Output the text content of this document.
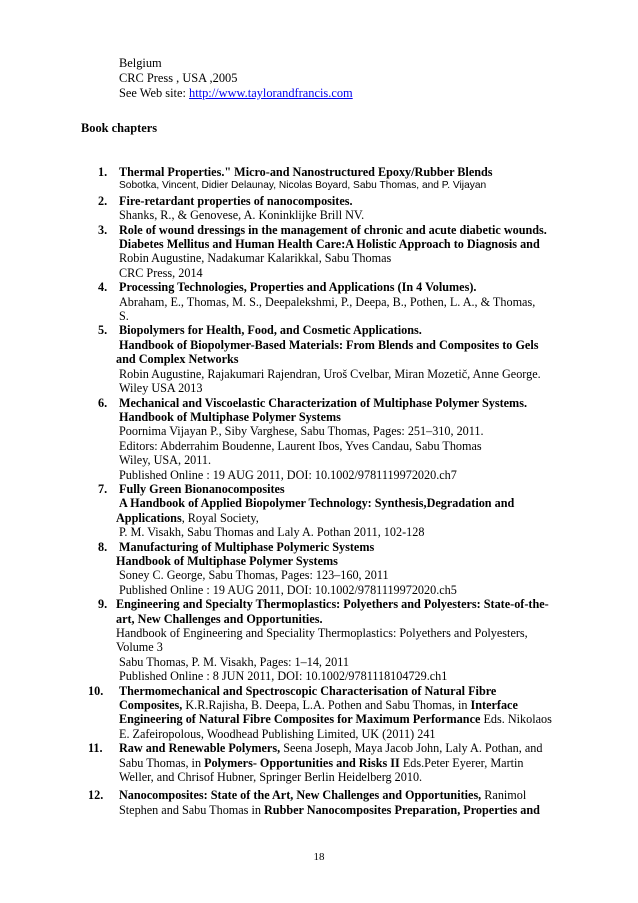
Belgium
CRC Press , USA ,2005
See Web site: http://www.taylorandfrancis.com
Book chapters
1. Thermal Properties." Micro-and Nanostructured Epoxy/Rubber Blends
Sobotka, Vincent, Didier Delaunay, Nicolas Boyard, Sabu Thomas, and P. Vijayan
2. Fire-retardant properties of nanocomposites.
Shanks, R., & Genovese, A. Koninklijke Brill NV.
3. Role of wound dressings in the management of chronic and acute diabetic wounds.
Diabetes Mellitus and Human Health Care:A Holistic Approach to Diagnosis and
Robin Augustine, Nadakumar Kalarikkal, Sabu Thomas
CRC Press, 2014
4. Processing Technologies, Properties and Applications (In 4 Volumes).
Abraham, E., Thomas, M. S., Deepalekshmi, P., Deepa, B., Pothen, L. A., & Thomas,
S.
5. Biopolymers for Health, Food, and Cosmetic Applications.
Handbook of Biopolymer-Based Materials: From Blends and Composites to Gels
and Complex Networks
Robin Augustine, Rajakumari Rajendran, Uroš Cvelbar, Miran Mozetič, Anne George.
Wiley USA 2013
6. Mechanical and Viscoelastic Characterization of Multiphase Polymer Systems.
Handbook of Multiphase Polymer Systems
Poornima Vijayan P., Siby Varghese, Sabu Thomas, Pages: 251–310, 2011.
Editors: Abderrahim Boudenne, Laurent Ibos, Yves Candau, Sabu Thomas
Wiley, USA, 2011.
Published Online : 19 AUG 2011, DOI: 10.1002/9781119972020.ch7
7. Fully Green Bionanocomposites
A Handbook of Applied Biopolymer Technology: Synthesis,Degradation and
Applications, Royal Society,
P. M. Visakh, Sabu Thomas and Laly A. Pothan 2011, 102-128
8. Manufacturing of Multiphase Polymeric Systems
Handbook of Multiphase Polymer Systems
Soney C. George, Sabu Thomas, Pages: 123–160, 2011
Published Online : 19 AUG 2011, DOI: 10.1002/9781119972020.ch5
9. Engineering and Specialty Thermoplastics: Polyethers and Polyesters: State-of-the-
art, New Challenges and Opportunities.
Handbook of Engineering and Speciality Thermoplastics: Polyethers and Polyesters,
Volume 3
Sabu Thomas, P. M. Visakh, Pages: 1–14, 2011
Published Online : 8 JUN 2011, DOI: 10.1002/9781118104729.ch1
10. Thermomechanical and Spectroscopic Characterisation of Natural Fibre
Composites, K.R.Rajisha, B. Deepa, L.A. Pothen and Sabu Thomas, in Interface
Engineering of Natural Fibre Composites for Maximum Performance Eds. Nikolaos
E. Zafeiropolous, Woodhead Publishing Limited, UK (2011) 241
11. Raw and Renewable Polymers, Seena Joseph, Maya Jacob John, Laly A. Pothan, and
Sabu Thomas, in Polymers- Opportunities and Risks II Eds.Peter Eyerer, Martin
Weller, and Chrisof Hubner, Springer Berlin Heidelberg 2010.
12. Nanocomposites: State of the Art, New Challenges and Opportunities, Ranimol
Stephen and Sabu Thomas in Rubber Nanocomposites Preparation, Properties and
18
